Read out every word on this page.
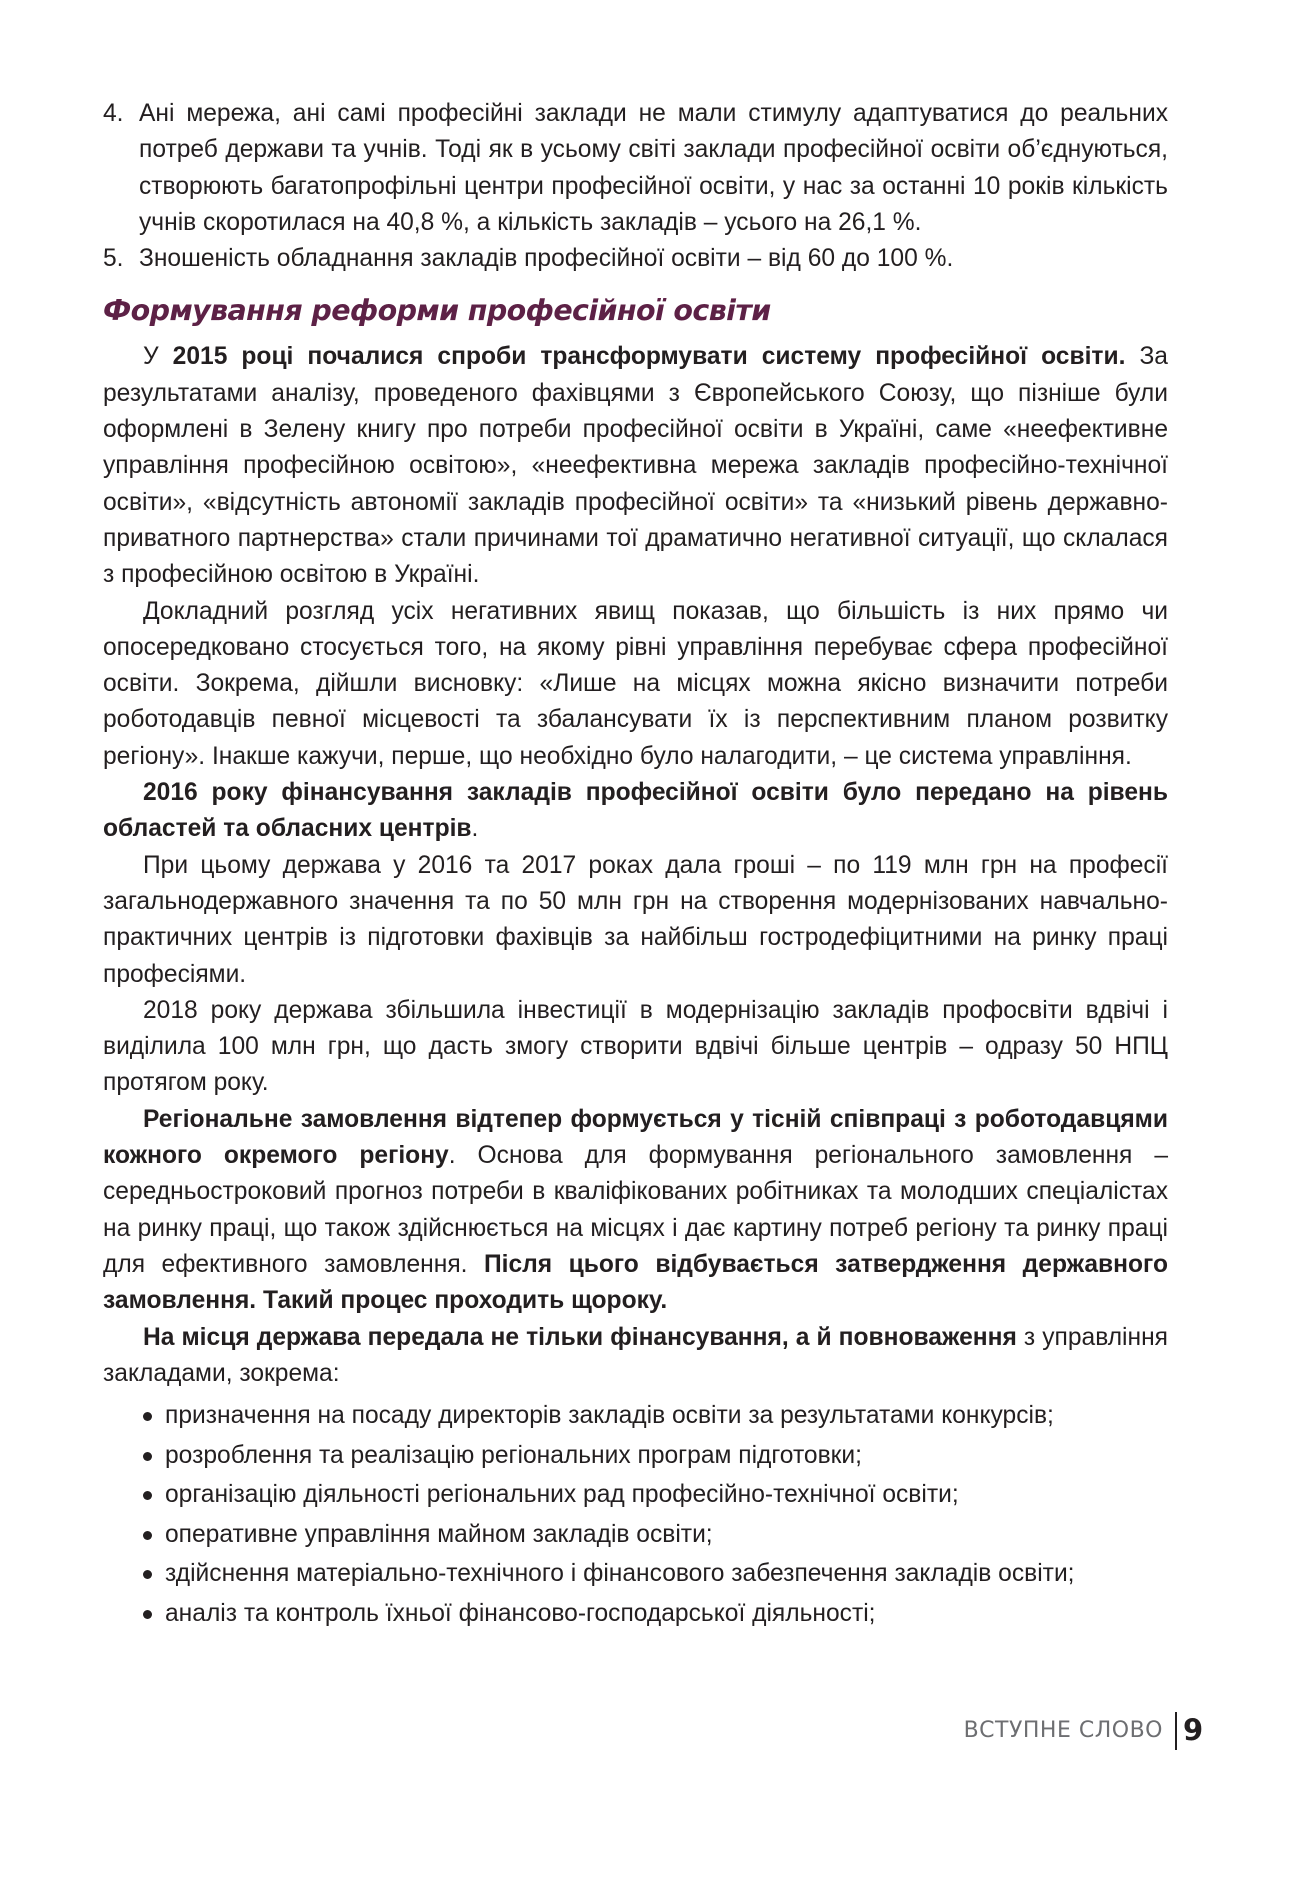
4. Ані мережа, ані самі професійні заклади не мали стимулу адаптуватися до реальних потреб держави та учнів. Тоді як в усьому світі заклади професійної освіти об’єднуються, створюють багатопрофільні центри професійної освіти, у нас за останні 10 років кількість учнів скоротилася на 40,8 %, а кількість закладів – усього на 26,1 %.
5. Зношеність обладнання закладів професійної освіти – від 60 до 100 %.
Формування реформи професійної освіти

У 2015 році почалися спроби трансформувати систему професійної освіти. За результатами аналізу, проведеного фахівцями з Європейського Союзу, що пізніше були оформлені в Зелену книгу про потреби професійної освіти в Україні, саме «неефективне управління професійною освітою», «неефективна мережа закладів професійно-технічної освіти», «відсутність автономії закладів професійної освіти» та «низький рівень державно-приватного партнерства» стали причинами тої драматично негативної ситуації, що склалася з професійною освітою в Україні.

Докладний розгляд усіх негативних явищ показав, що більшість із них прямо чи опосередковано стосується того, на якому рівні управління перебуває сфера професійної освіти. Зокрема, дійшли висновку: «Лише на місцях можна якісно визначити потреби роботодавців певної місцевості та збалансувати їх із перспективним планом розвитку регіону». Інакше кажучи, перше, що необхідно було налагодити, – це система управління.

2016 року фінансування закладів професійної освіти було передано на рівень областей та обласних центрів.

При цьому держава у 2016 та 2017 роках дала гроші – по 119 млн грн на професії загальнодержавного значення та по 50 млн грн на створення модернізованих навчально-практичних центрів із підготовки фахівців за найбільш гостродефіцитними на ринку праці професіями.

2018 року держава збільшила інвестиції в модернізацію закладів профосвіти вдвічі і виділила 100 млн грн, що дасть змогу створити вдвічі більше центрів – одразу 50 НПЦ протягом року.

Регіональне замовлення відтепер формується у тісній співпраці з роботодавцями кожного окремого регіону. Основа для формування регіонального замовлення – середньостроковий прогноз потреби в кваліфікованих робітниках та молодших спеціалістах на ринку праці, що також здійснюється на місцях і дає картину потреб регіону та ринку праці для ефективного замовлення. Після цього відбувається затвердження державного замовлення. Такий процес проходить щороку.

На місця держава передала не тільки фінансування, а й повноваження з управління закладами, зокрема:

призначення на посаду директорів закладів освіти за результатами конкурсів;
розроблення та реалізацію регіональних програм підготовки;
організацію діяльності регіональних рад професійно-технічної освіти;
оперативне управління майном закладів освіти;
здійснення матеріально-технічного і фінансового забезпечення закладів освіти;
аналіз та контроль їхньої фінансово-господарської діяльності;
ВСТУПНЕ СЛОВО 9
